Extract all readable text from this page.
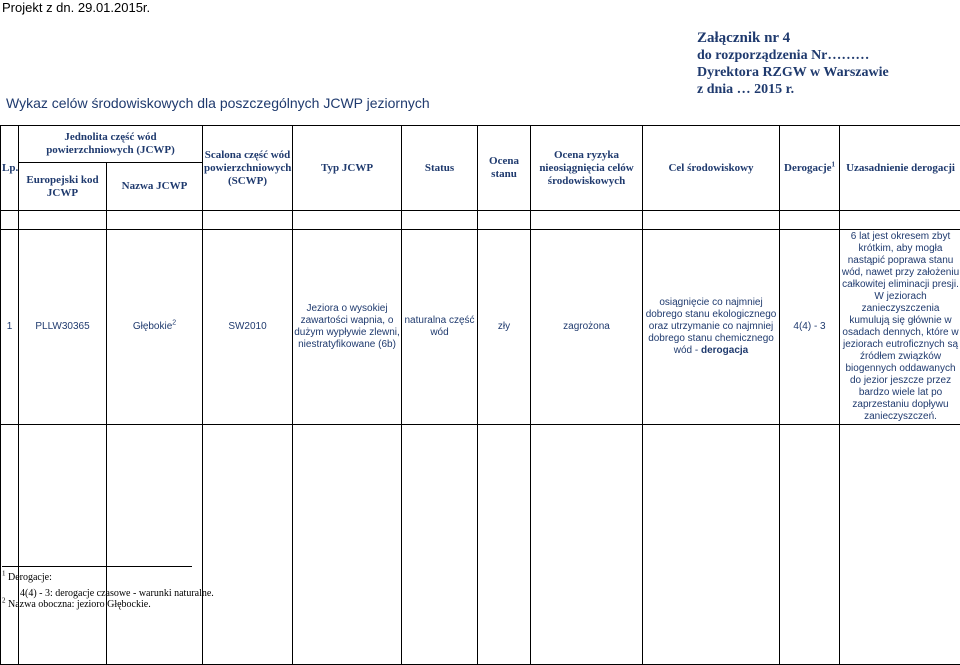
Projekt z dn. 29.01.2015r.
Załącznik nr 4
do rozporządzenia Nr………
Dyrektora RZGW w Warszawie
z dnia … 2015 r.
Wykaz celów środowiskowych dla poszczególnych JCWP jeziornych
Lp.	Jednolita część wód powierzchniowych (JCWP)		Scalona część wód powierzchniowych (SCWP)	Typ JCWP	Status	Ocena stanu	Ocena ryzyka nieosiągnięcia celów środowiskowych	Cel środowiskowy	Derogacje$^1$	Uzasadnienie derogacji
	Europejski kod JCWP	Nazwa JCWP								

1	PLLW30365	Głębokie$^2$	SW2010	Jeziora o wysokiej zawartości wapnia, o dużym wypływie zlewni, niestratyfikowane (6b)	naturalna część wód	zły	zagrożona	osiągnięcie co najmniej dobrego stanu ekologicznego oraz utrzymanie co najmniej dobrego stanu chemicznego wód - derogacja	4(4) - 3	6 lat jest okresem zbyt krótkim, aby mogła nastąpić poprawa stanu wód, nawet przy założeniu całkowitej eliminacji presji. W jeziorach zanieczyszczenia kumulują się głównie w osadach dennych, które w jeziorach eutroficznych są źródłem związków biogennych oddawanych do jezior jeszcze przez bardzo wiele lat po zaprzestaniu dopływu zanieczyszczeń.

$^1$ Derogacje:
4(4) - 3: derogacje czasowe - warunki naturalne.
$^2$ Nazwa oboczna: jezioro Głębockie.
